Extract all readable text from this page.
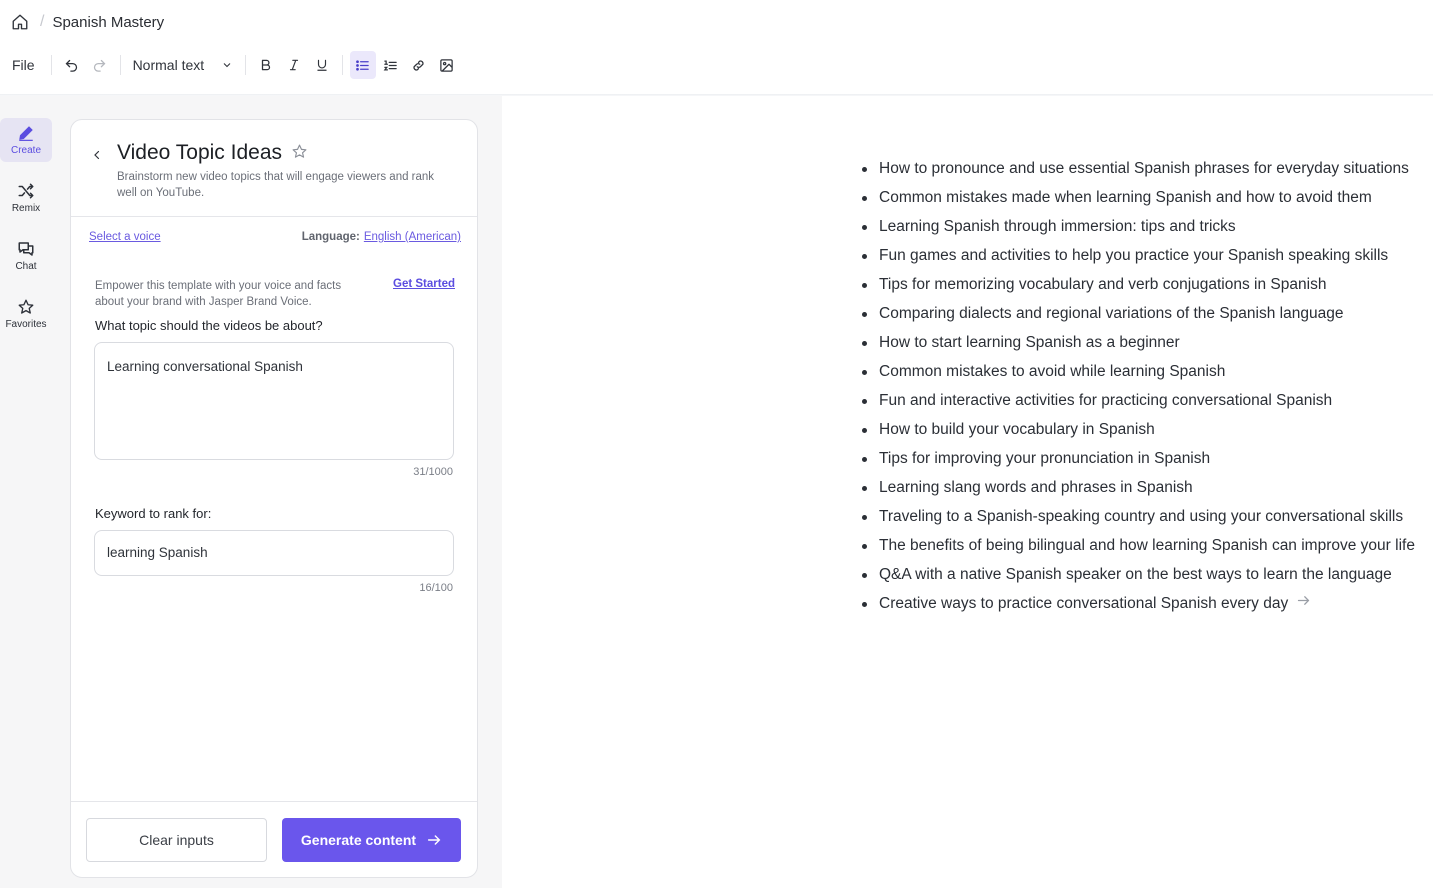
/ Spanish Mastery
File	Normal text
Create
Remix
Chat
Favorites
Video Topic Ideas
Brainstorm new video topics that will engage viewers and rank well on YouTube.
Select a voice	Language: English (American)
Empower this template with your voice and facts about your brand with Jasper Brand Voice.
Get Started
What topic should the videos be about?
Learning conversational Spanish
31/1000
Keyword to rank for:
learning Spanish
16/100
Clear inputs	Generate content
How to pronounce and use essential Spanish phrases for everyday situations
Common mistakes made when learning Spanish and how to avoid them
Learning Spanish through immersion: tips and tricks
Fun games and activities to help you practice your Spanish speaking skills
Tips for memorizing vocabulary and verb conjugations in Spanish
Comparing dialects and regional variations of the Spanish language
How to start learning Spanish as a beginner
Common mistakes to avoid while learning Spanish
Fun and interactive activities for practicing conversational Spanish
How to build your vocabulary in Spanish
Tips for improving your pronunciation in Spanish
Learning slang words and phrases in Spanish
Traveling to a Spanish-speaking country and using your conversational skills
The benefits of being bilingual and how learning Spanish can improve your life
Q&A with a native Spanish speaker on the best ways to learn the language
Creative ways to practice conversational Spanish every day
